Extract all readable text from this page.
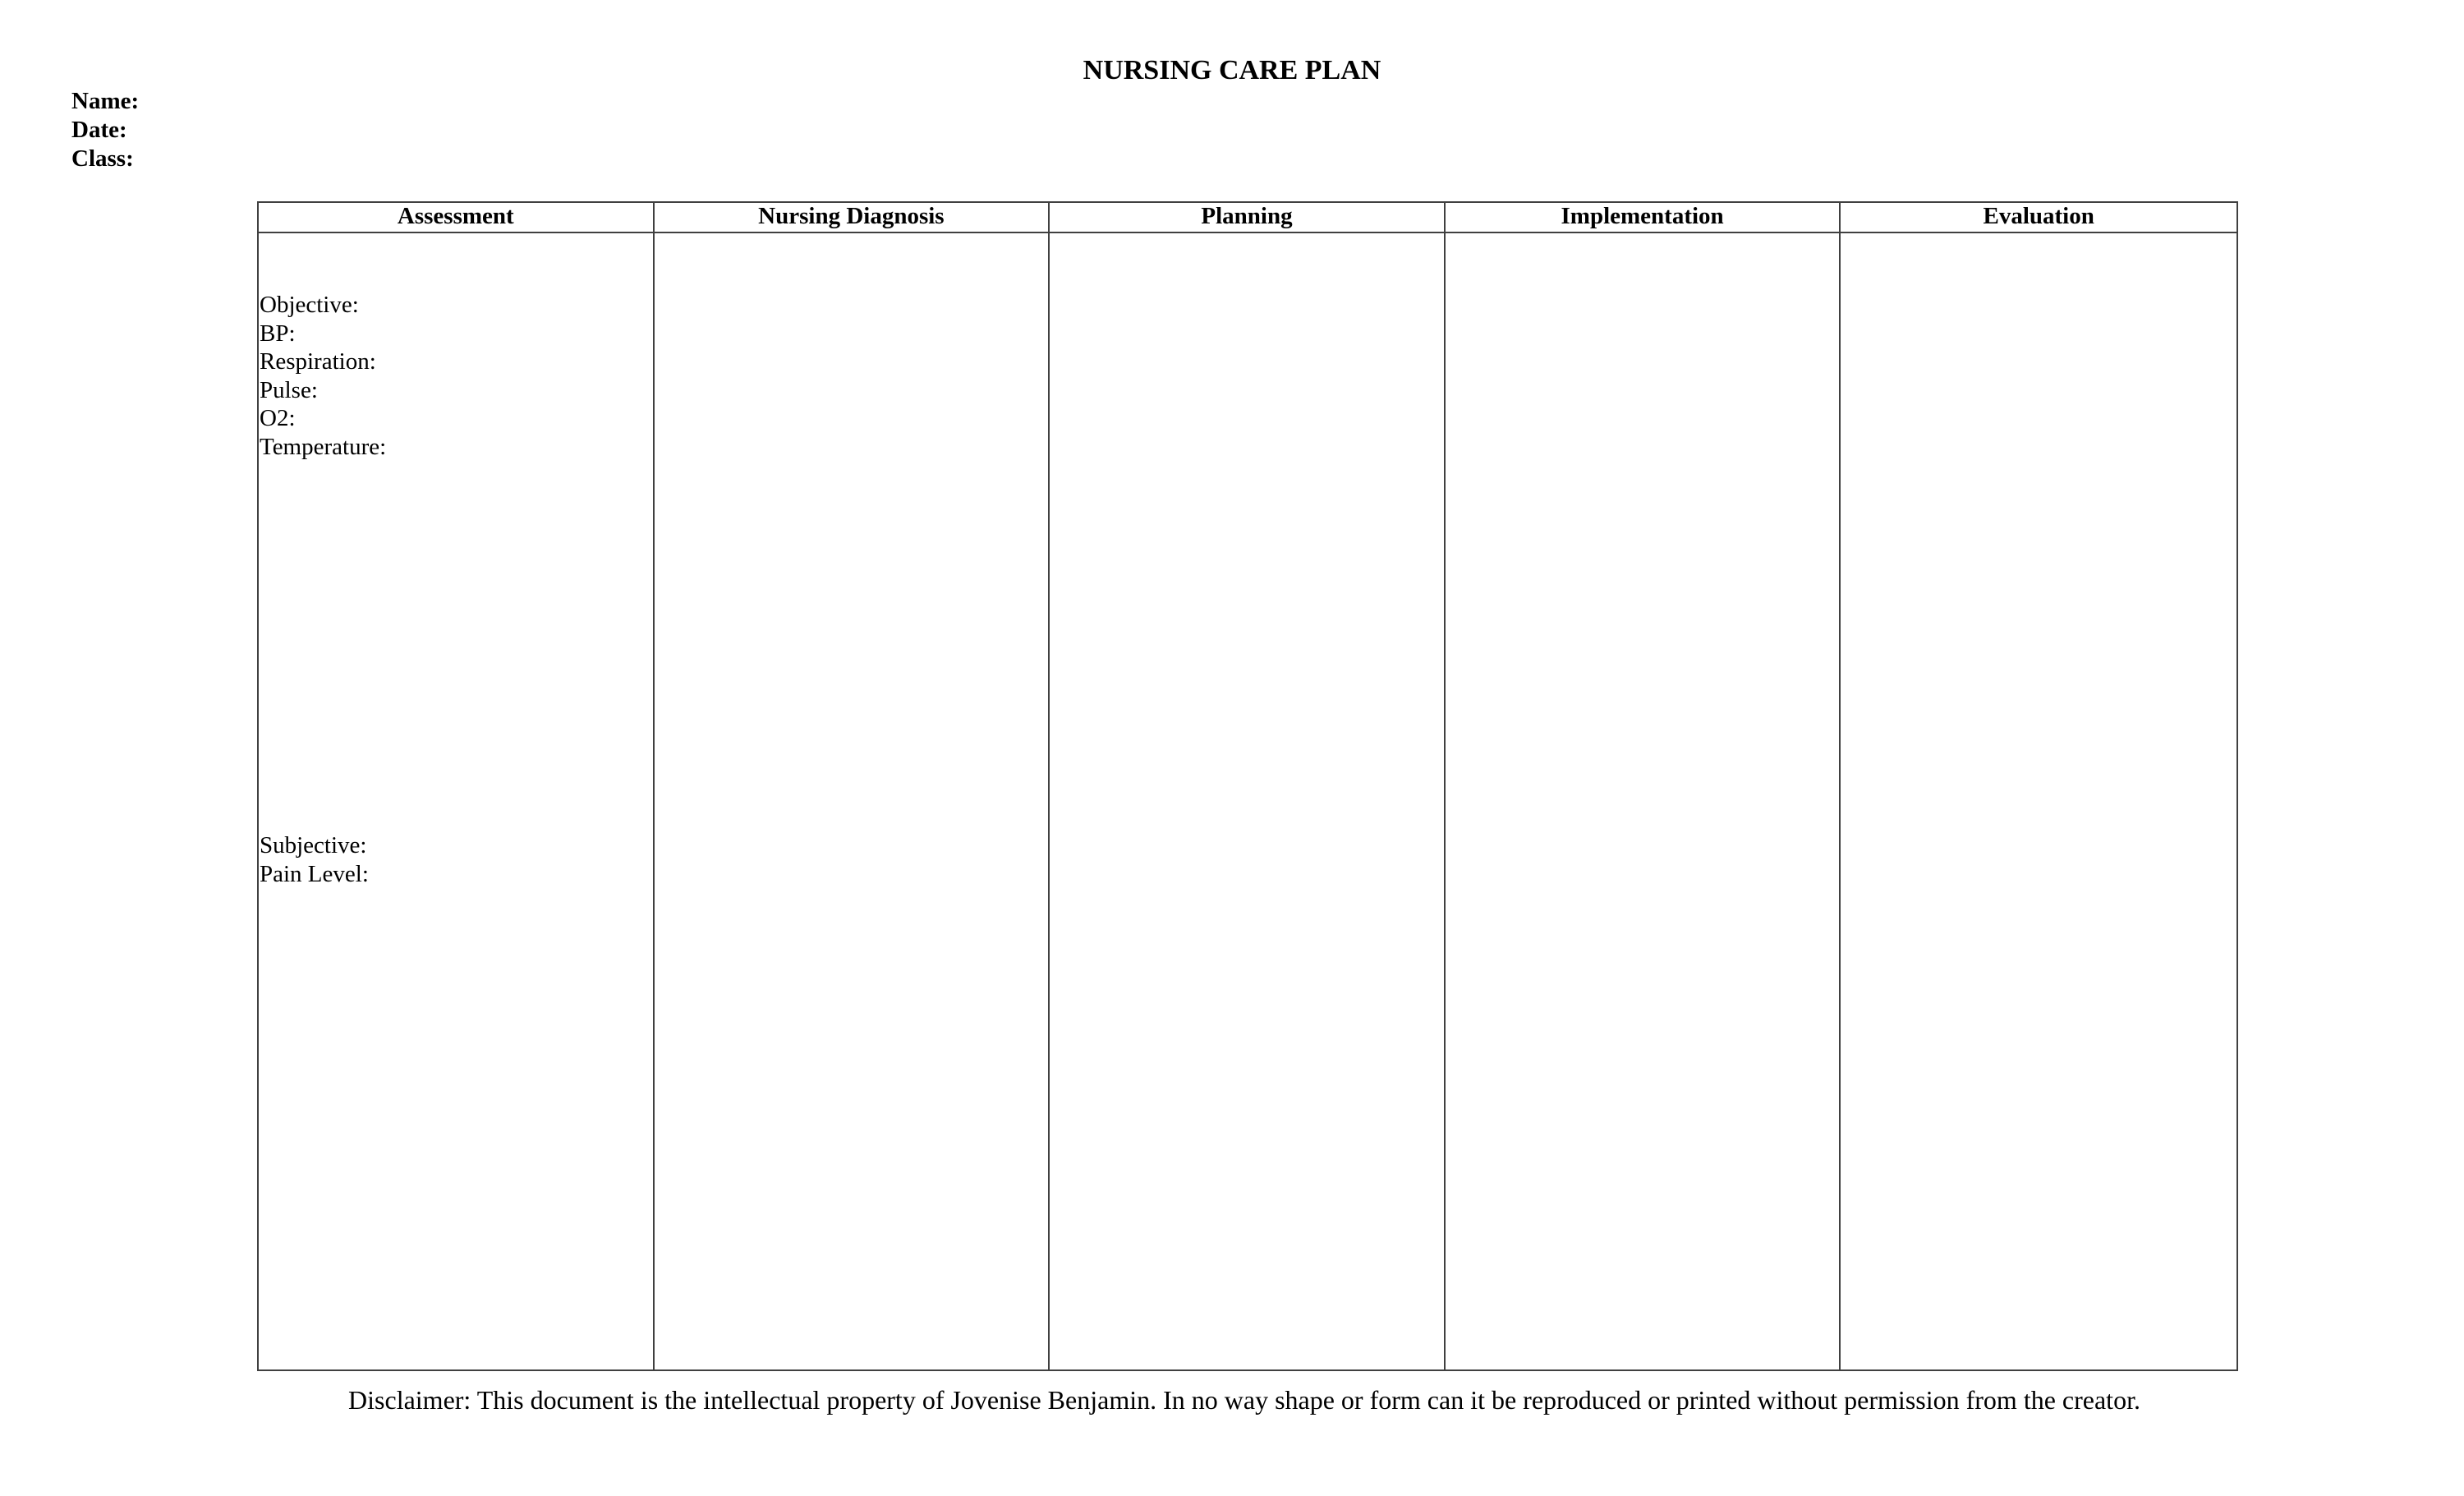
NURSING CARE PLAN
Name:
Date:
Class:
Assessment	Nursing Diagnosis	Planning	Implementation	Evaluation
Objective:
BP:
Respiration:
Pulse:
O2:
Temperature:
Subjective:
Pain Level:
Disclaimer: This document is the intellectual property of Jovenise Benjamin. In no way shape or form can it be reproduced or printed without permission from the creator.
